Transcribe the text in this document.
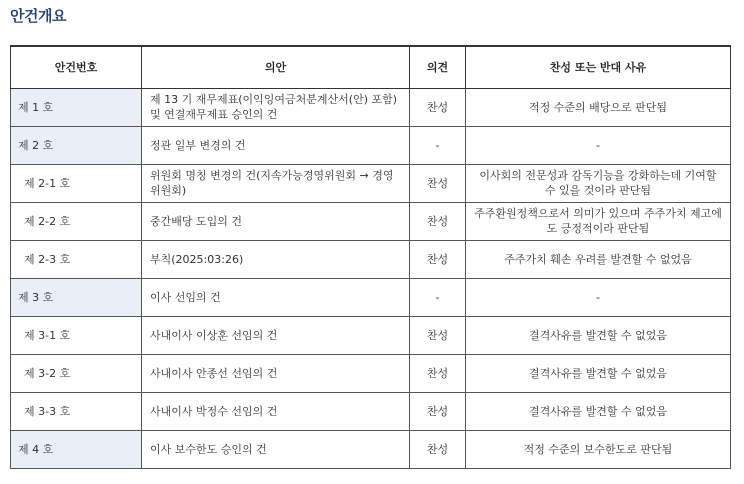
안건개요
안건번호	의안	의견	찬성 또는 반대 사유
제 1 호	제 13 기 재무제표(이익잉여금처분계산서(안) 포함) 및 연결재무제표 승인의 건	찬성	적정 수준의 배당으로 판단됨
제 2 호	정관 일부 변경의 건	-	-
제 2-1 호	위원회 명칭 변경의 건(지속가능경영위원회 → 경영위원회)	찬성	이사회의 전문성과 감독기능을 강화하는데 기여할 수 있을 것이라 판단됨
제 2-2 호	중간배당 도입의 건	찬성	주주환원정책으로서 의미가 있으며 주주가치 제고에도 긍정적이라 판단됨
제 2-3 호	부칙(2025:03:26)	찬성	주주가치 훼손 우려를 발견할 수 없었음
제 3 호	이사 선임의 건	-	-
제 3-1 호	사내이사 이상훈 선임의 건	찬성	결격사유를 발견할 수 없었음
제 3-2 호	사내이사 안종선 선임의 건	찬성	결격사유를 발견할 수 없었음
제 3-3 호	사내이사 박정수 선임의 건	찬성	결격사유를 발견할 수 없었음
제 4 호	이사 보수한도 승인의 건	찬성	적정 수준의 보수한도로 판단됨
